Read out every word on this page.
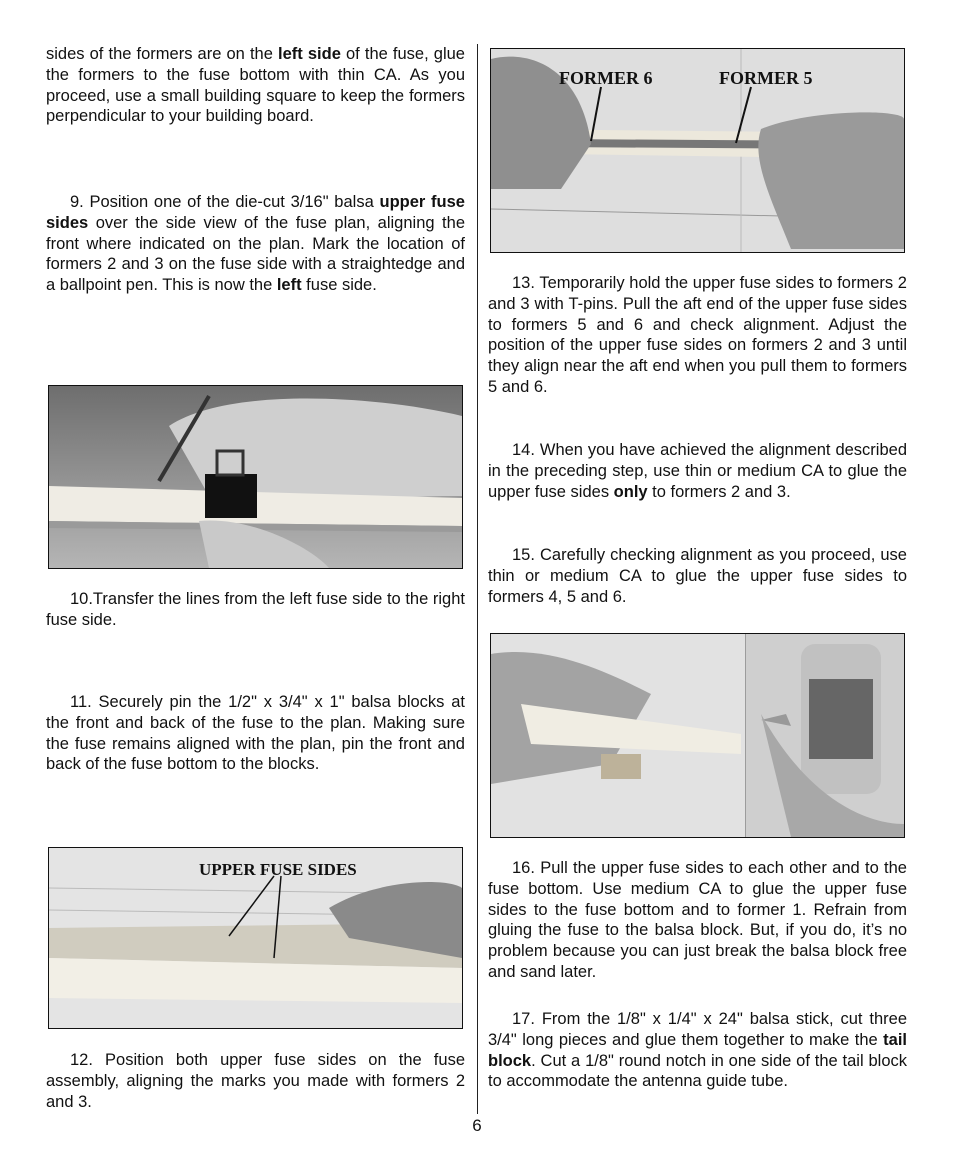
sides of the formers are on the left side of the fuse, glue the formers to the fuse bottom with thin CA. As you proceed, use a small building square to keep the formers perpendicular to your building board.

9. Position one of the die-cut 3/16" balsa upper fuse sides over the side view of the fuse plan, aligning the front where indicated on the plan. Mark the location of formers 2 and 3 on the fuse side with a straightedge and a ballpoint pen. This is now the left fuse side.

10.Transfer the lines from the left fuse side to the right fuse side.

11. Securely pin the 1/2" x 3/4" x 1" balsa blocks at the front and back of the fuse to the plan. Making sure the fuse remains aligned with the plan, pin the front and back of the fuse bottom to the blocks.

UPPER FUSE SIDES

12. Position both upper fuse sides on the fuse assembly, aligning the marks you made with formers 2 and 3.

FORMER 6	FORMER 5

13. Temporarily hold the upper fuse sides to formers 2 and 3 with T-pins. Pull the aft end of the upper fuse sides to formers 5 and 6 and check alignment. Adjust the position of the upper fuse sides on formers 2 and 3 until they align near the aft end when you pull them to formers 5 and 6.

14. When you have achieved the alignment described in the preceding step, use thin or medium CA to glue the upper fuse sides only to formers 2 and 3.

15. Carefully checking alignment as you proceed, use thin or medium CA to glue the upper fuse sides to formers 4, 5 and 6.

16. Pull the upper fuse sides to each other and to the fuse bottom. Use medium CA to glue the upper fuse sides to the fuse bottom and to former 1. Refrain from gluing the fuse to the balsa block. But, if you do, it’s no problem because you can just break the balsa block free and sand later.

17. From the 1/8" x 1/4" x 24" balsa stick, cut three 3/4" long pieces and glue them together to make the tail block. Cut a 1/8" round notch in one side of the tail block to accommodate the antenna guide tube.

6
